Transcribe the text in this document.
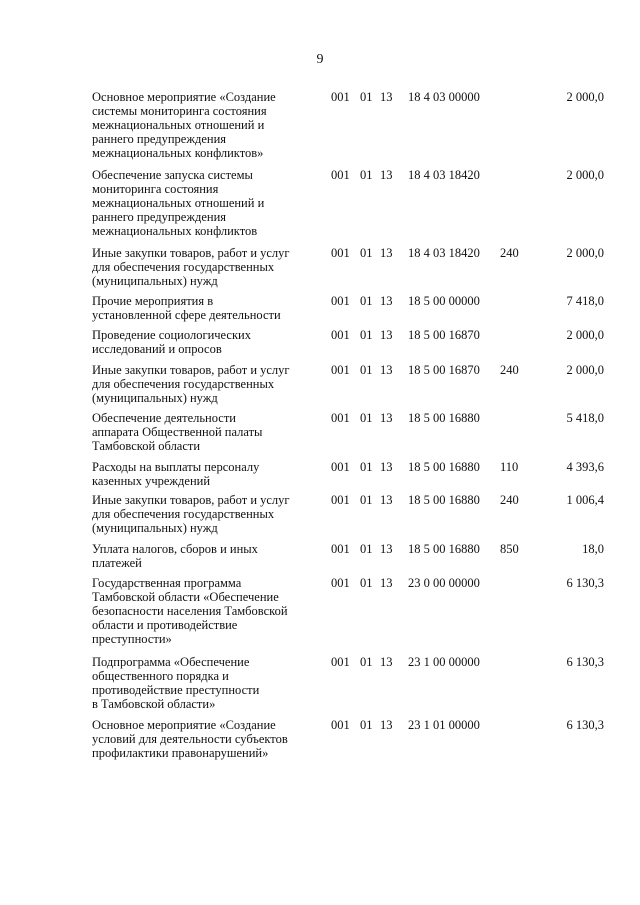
9
Основное мероприятие «Создание
системы мониторинга состояния
межнациональных отношений и
раннего предупреждения
межнациональных конфликтов»
001 01 13 18 4 03 00000	2 000,0
Обеспечение запуска системы
мониторинга состояния
межнациональных отношений и
раннего предупреждения
межнациональных конфликтов
001 01 13 18 4 03 18420	2 000,0
Иные закупки товаров, работ и услуг
для обеспечения государственных
(муниципальных) нужд
001 01 13 18 4 03 18420 240	2 000,0
Прочие мероприятия в
установленной сфере деятельности
001 01 13 18 5 00 00000	7 418,0
Проведение социологических
исследований и опросов
001 01 13 18 5 00 16870	2 000,0
Иные закупки товаров, работ и услуг
для обеспечения государственных
(муниципальных) нужд
001 01 13 18 5 00 16870 240	2 000,0
Обеспечение деятельности
аппарата Общественной палаты
Тамбовской области
001 01 13 18 5 00 16880	5 418,0
Расходы на выплаты персоналу
казенных учреждений
001 01 13 18 5 00 16880 110	4 393,6
Иные закупки товаров, работ и услуг
для обеспечения государственных
(муниципальных) нужд
001 01 13 18 5 00 16880 240	1 006,4
Уплата налогов, сборов и иных
платежей
001 01 13 18 5 00 16880 850	18,0
Государственная программа
Тамбовской области «Обеспечение
безопасности населения Тамбовской
области и противодействие
преступности»
001 01 13 23 0 00 00000	6 130,3
Подпрограмма «Обеспечение
общественного порядка и
противодействие преступности
в Тамбовской области»
001 01 13 23 1 00 00000	6 130,3
Основное мероприятие «Создание
условий для деятельности субъектов
профилактики правонарушений»
001 01 13 23 1 01 00000	6 130,3
